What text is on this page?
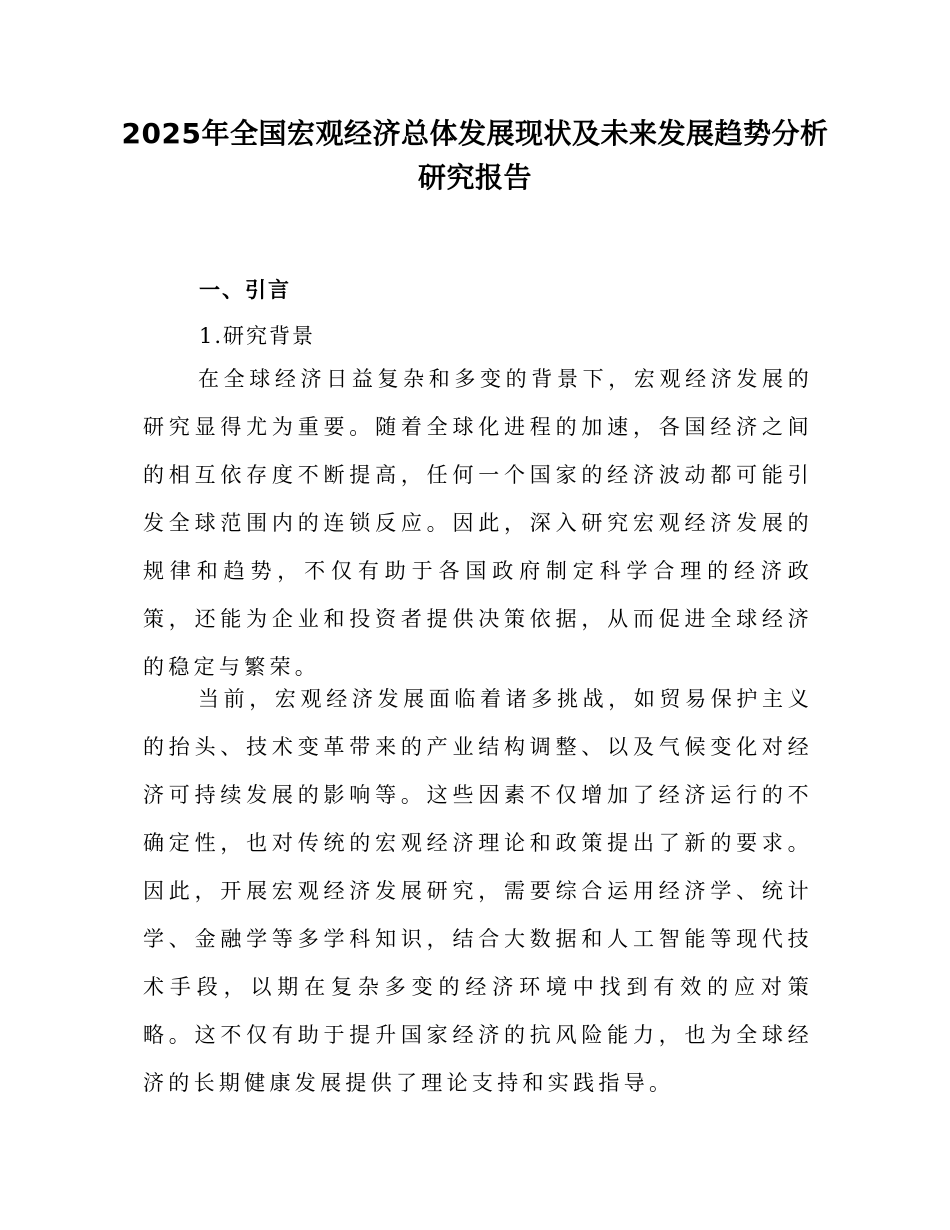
2025年全国宏观经济总体发展现状及未来发展趋势分析研究报告
一、引言
1.研究背景
在全球经济日益复杂和多变的背景下，宏观经济发展的研究显得尤为重要。随着全球化进程的加速，各国经济之间的相互依存度不断提高，任何一个国家的经济波动都可能引发全球范围内的连锁反应。因此，深入研究宏观经济发展的规律和趋势，不仅有助于各国政府制定科学合理的经济政策，还能为企业和投资者提供决策依据，从而促进全球经济的稳定与繁荣。
当前，宏观经济发展面临着诸多挑战，如贸易保护主义的抬头、技术变革带来的产业结构调整、以及气候变化对经济可持续发展的影响等。这些因素不仅增加了经济运行的不确定性，也对传统的宏观经济理论和政策提出了新的要求。因此，开展宏观经济发展研究，需要综合运用经济学、统计学、金融学等多学科知识，结合大数据和人工智能等现代技术手段，以期在复杂多变的经济环境中找到有效的应对策略。这不仅有助于提升国家经济的抗风险能力，也为全球经济的长期健康发展提供了理论支持和实践指导。
